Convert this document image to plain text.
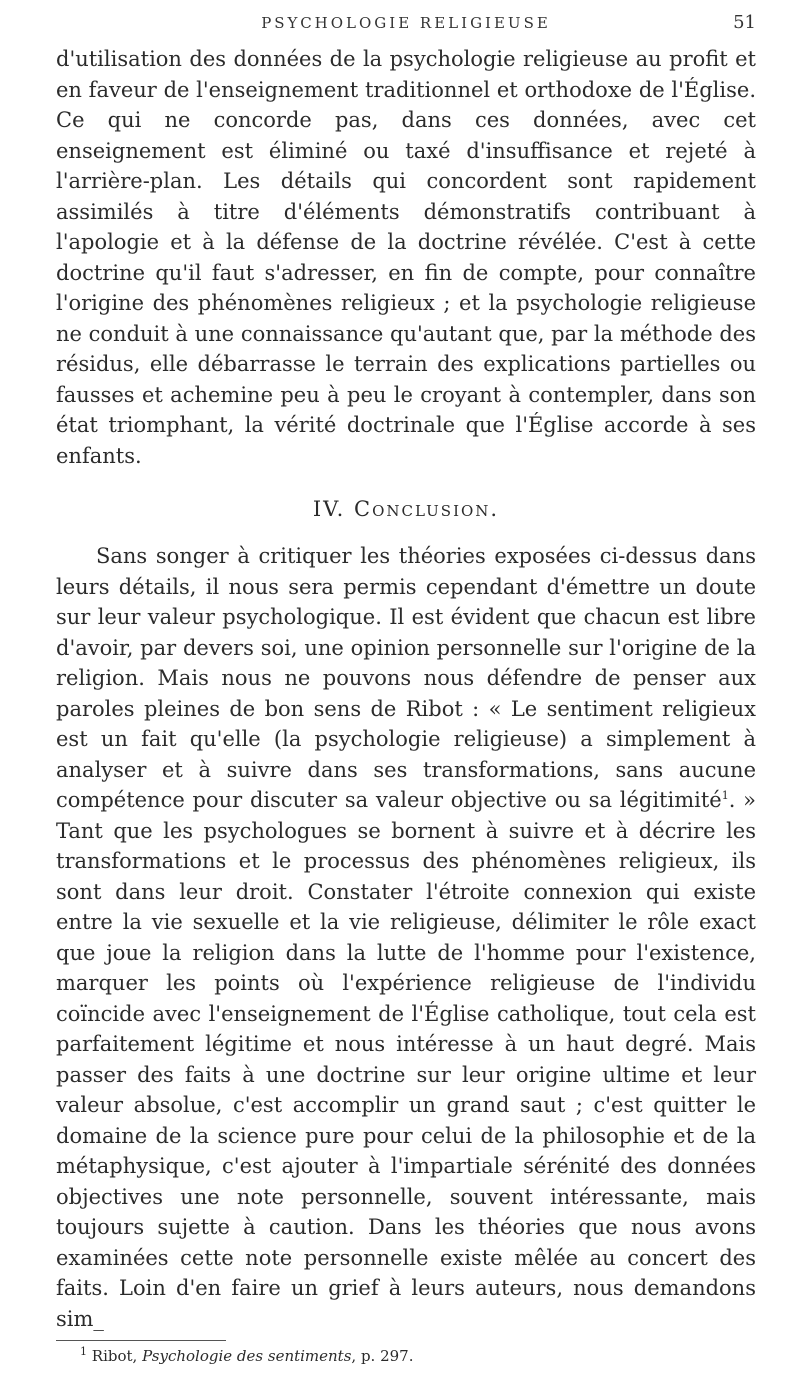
PSYCHOLOGIE RELIGIEUSE	51

d'utilisation des données de la psychologie religieuse au profit et en faveur de l'enseignement traditionnel et orthodoxe de l'Église. Ce qui ne concorde pas, dans ces données, avec cet enseignement est éliminé ou taxé d'insuffisance et rejeté à l'arrière-plan. Les détails qui concordent sont rapidement assimilés à titre d'éléments démonstratifs contribuant à l'apologie et à la défense de la doctrine révélée. C'est à cette doctrine qu'il faut s'adresser, en fin de compte, pour connaître l'origine des phénomènes religieux ; et la psychologie religieuse ne conduit à une connaissance qu'autant que, par la méthode des résidus, elle débarrasse le terrain des explications partielles ou fausses et achemine peu à peu le croyant à contempler, dans son état triomphant, la vérité doctrinale que l'Église accorde à ses enfants.

IV. Conclusion.

Sans songer à critiquer les théories exposées ci-dessus dans leurs détails, il nous sera permis cependant d'émettre un doute sur leur valeur psychologique. Il est évident que chacun est libre d'avoir, par devers soi, une opinion personnelle sur l'origine de la religion. Mais nous ne pouvons nous défendre de penser aux paroles pleines de bon sens de Ribot : « Le sentiment religieux est un fait qu'elle (la psychologie religieuse) a simplement à analyser et à suivre dans ses transformations, sans aucune compétence pour discuter sa valeur objective ou sa légitimité$^1$. » Tant que les psychologues se bornent à suivre et à décrire les transformations et le processus des phénomènes religieux, ils sont dans leur droit. Constater l'étroite connexion qui existe entre la vie sexuelle et la vie religieuse, délimiter le rôle exact que joue la religion dans la lutte de l'homme pour l'existence, marquer les points où l'expérience religieuse de l'individu coïncide avec l'enseignement de l'Église catholique, tout cela est parfaitement légitime et nous intéresse à un haut degré. Mais passer des faits à une doctrine sur leur origine ultime et leur valeur absolue, c'est accomplir un grand saut ; c'est quitter le domaine de la science pure pour celui de la philosophie et de la métaphysique, c'est ajouter à l'impartiale sérénité des données objectives une note personnelle, souvent intéressante, mais toujours sujette à caution. Dans les théories que nous avons examinées cette note personnelle existe mêlée au concert des faits. Loin d'en faire un grief à leurs auteurs, nous demandons sim_

$^1$ Ribot, Psychologie des sentiments, p. 297.
